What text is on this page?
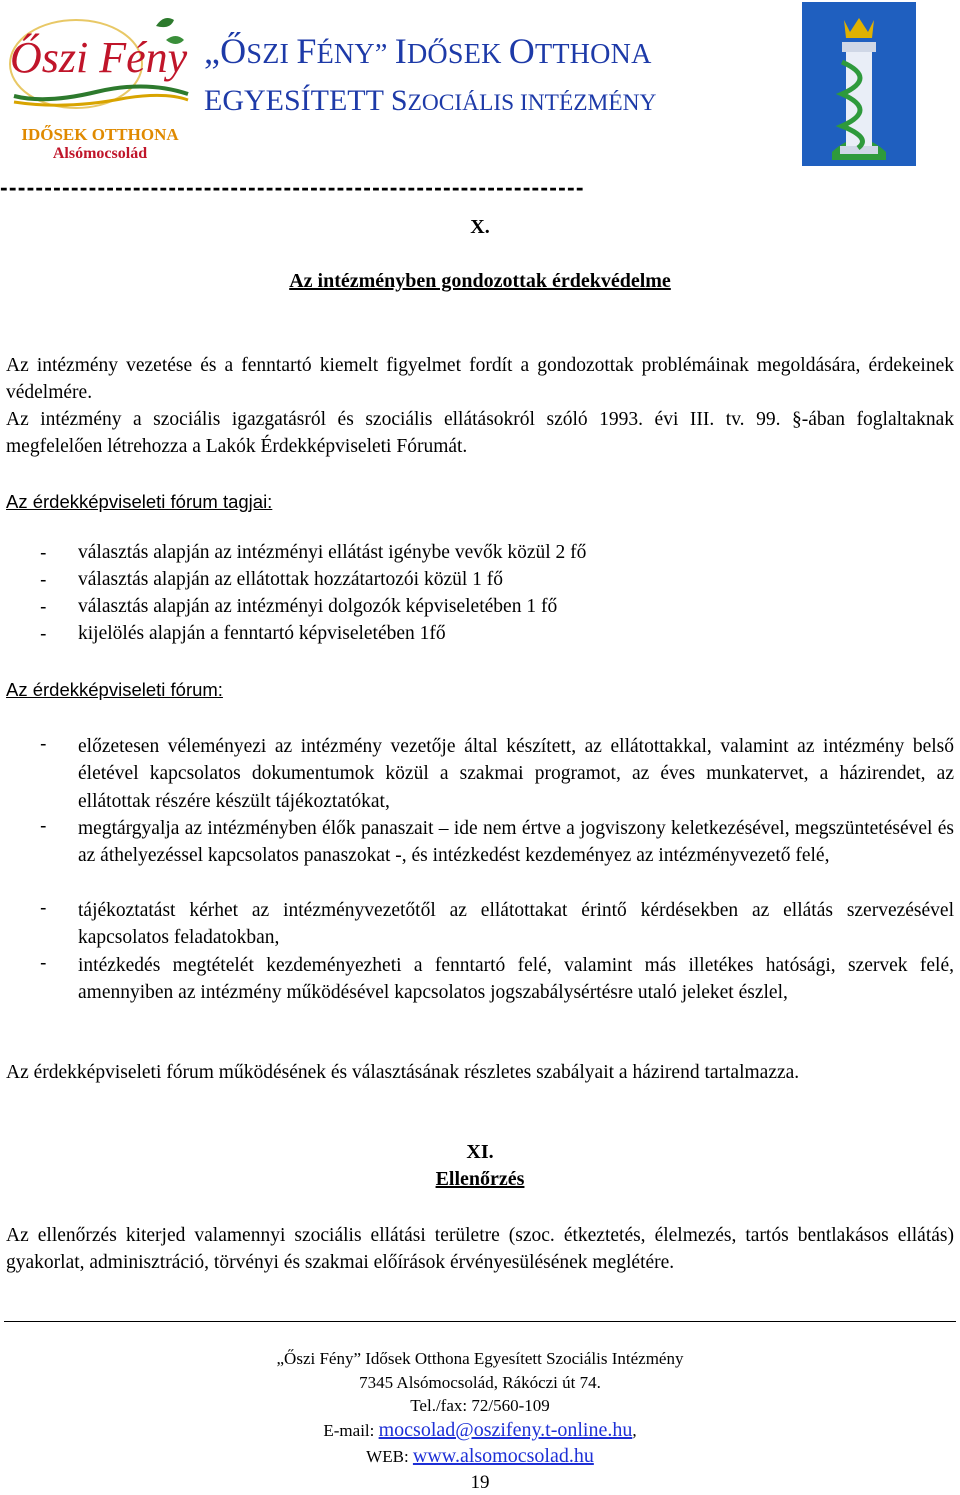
Őszi Fény
IDŐSEK OTTHONA
Alsómocsolád
„ŐSZI FÉNY” IDŐSEK OTTHONA
EGYESÍTETT SZOCIÁLIS INTÉZMÉNY
------------------------------------------------------------------
X.
Az intézményben gondozottak érdekvédelme
Az intézmény vezetése és a fenntartó kiemelt figyelmet fordít a gondozottak problémáinak megoldására, érdekeinek védelmére.
Az intézmény a szociális igazgatásról és szociális ellátásokról szóló 1993. évi III. tv. 99. §-ában foglaltaknak megfelelően létrehozza a Lakók Érdekképviseleti Fórumát.
Az érdekképviseleti fórum tagjai:
- választás alapján az intézményi ellátást igénybe vevők közül 2 fő
- választás alapján az ellátottak hozzátartozói közül 1 fő
- választás alapján az intézményi dolgozók képviseletében 1 fő
- kijelölés alapján a fenntartó képviseletében 1fő
Az érdekképviseleti fórum:
- előzetesen véleményezi az intézmény vezetője által készített, az ellátottakkal, valamint az intézmény belső életével kapcsolatos dokumentumok közül a szakmai programot, az éves munkatervet, a házirendet, az ellátottak részére készült tájékoztatókat,
- megtárgyalja az intézményben élők panaszait – ide nem értve a jogviszony keletkezésével, megszüntetésével és az áthelyezéssel kapcsolatos panaszokat -, és intézkedést kezdeményez az intézményvezető felé,
- tájékoztatást kérhet az intézményvezetőtől az ellátottakat érintő kérdésekben az ellátás szervezésével kapcsolatos feladatokban,
- intézkedés megtételét kezdeményezheti a fenntartó felé, valamint más illetékes hatósági, szervek felé, amennyiben az intézmény működésével kapcsolatos jogszabálysértésre utaló jeleket észlel,
Az érdekképviseleti fórum működésének és választásának részletes szabályait a házirend tartalmazza.
XI.
Ellenőrzés
Az ellenőrzés kiterjed valamennyi szociális ellátási területre (szoc. étkeztetés, élelmezés, tartós bentlakásos ellátás) gyakorlat, adminisztráció, törvényi és szakmai előírások érvényesülésének meglétére.
„Őszi Fény” Idősek Otthona Egyesített Szociális Intézmény
7345 Alsómocsolád, Rákóczi út 74.
Tel./fax: 72/560-109
E-mail: mocsolad@oszifeny.t-online.hu,
WEB: www.alsomocsolad.hu
19
